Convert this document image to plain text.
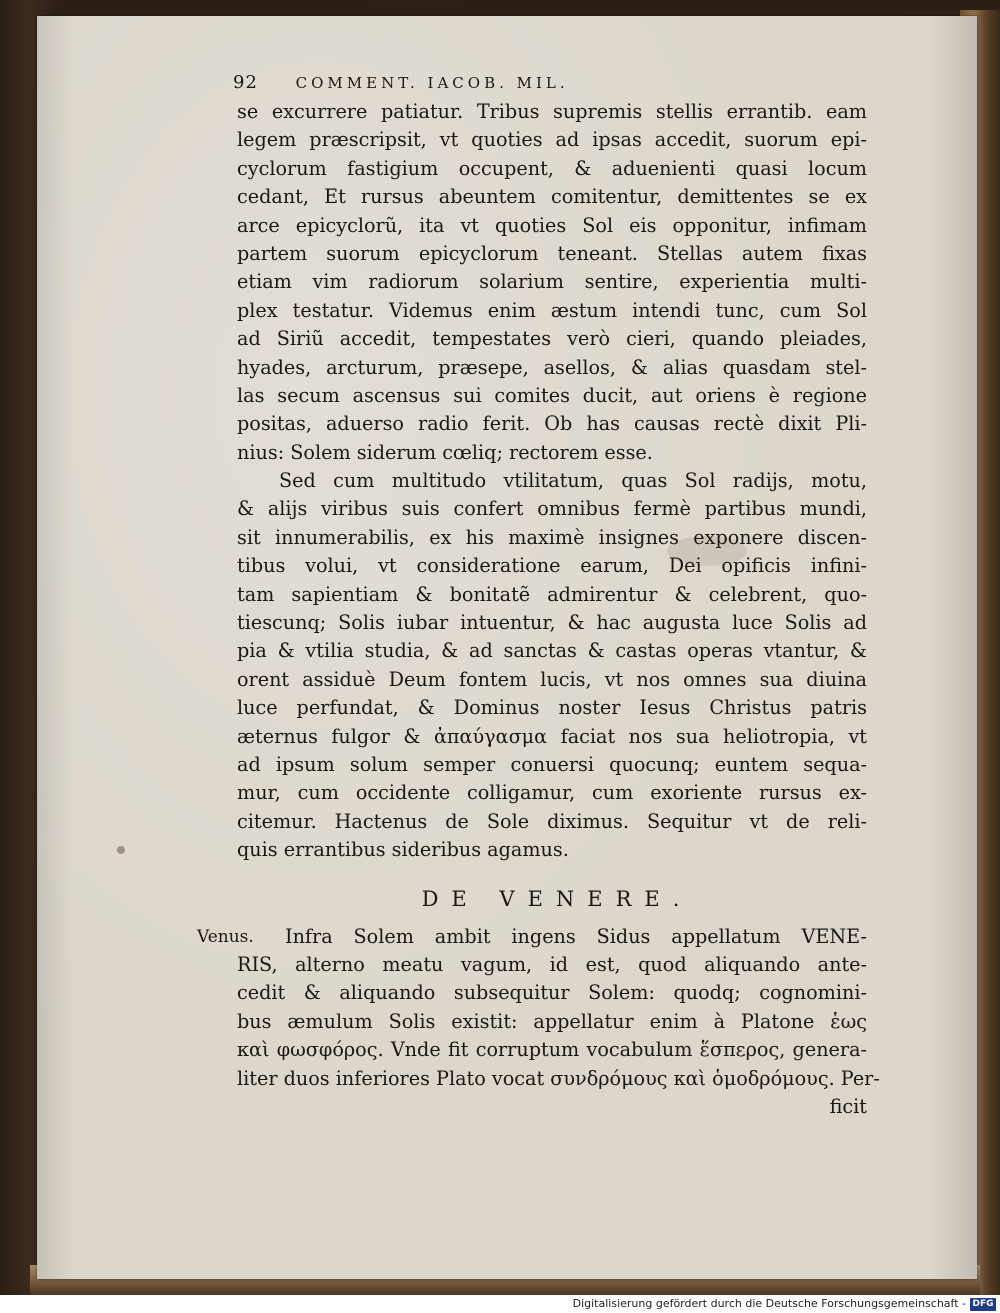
92	COMMENT. IACOB. MIL.
Venus.
se excurrere patiatur. Tribus supremis stellis errantib. eam
legem præscripsit, vt quoties ad ipsas accedit, suorum epi-
cyclorum fastigium occupent, & aduenienti quasi locum
cedant, Et rursus abeuntem comitentur, demittentes se ex
arce epicyclorũ, ita vt quoties Sol eis opponitur, infimam
partem suorum epicyclorum teneant. Stellas autem fixas
etiam vim radiorum solarium sentire, experientia multi-
plex testatur. Videmus enim æstum intendi tunc, cum Sol
ad Siriũ accedit, tempestates verò cieri, quando pleiades,
hyades, arcturum, præsepe, asellos, & alias quasdam stel-
las secum ascensus sui comites ducit, aut oriens è regione
positas, aduerso radio ferit. Ob has causas rectè dixit Pli-
nius: Solem siderum cœliq; rectorem esse.
Sed cum multitudo vtilitatum, quas Sol radijs, motu,
& alijs viribus suis confert omnibus fermè partibus mundi,
sit innumerabilis, ex his maximè insignes exponere discen-
tibus volui, vt consideratione earum, Dei opificis infini-
tam sapientiam & bonitatẽ admirentur & celebrent, quo-
tiescunq; Solis iubar intuentur, & hac augusta luce Solis ad
pia & vtilia studia, & ad sanctas & castas operas vtantur, &
orent assiduè Deum fontem lucis, vt nos omnes sua diuina
luce perfundat, & Dominus noster Iesus Christus patris
æternus fulgor & ἀπαύγασμα faciat nos sua heliotropia, vt
ad ipsum solum semper conuersi quocunq; euntem sequa-
mur, cum occidente colligamur, cum exoriente rursus ex-
citemur. Hactenus de Sole diximus. Sequitur vt de reli-
quis errantibus sideribus agamus.
DE VENERE.
Infra Solem ambit ingens Sidus appellatum VENE-
RIS, alterno meatu vagum, id est, quod aliquando ante-
cedit & aliquando subsequitur Solem: quodq; cognomini-
bus æmulum Solis existit: appellatur enim à Platone ἑως
καὶ φωσφόρος. Vnde fit corruptum vocabulum ἕσπερος, genera-
liter duos inferiores Plato vocat συνδρόμους καὶ ὁμοδρόμους. Per-
ficit
Digitalisierung gefördert durch die Deutsche Forschungsgemeinschaft - DFG
